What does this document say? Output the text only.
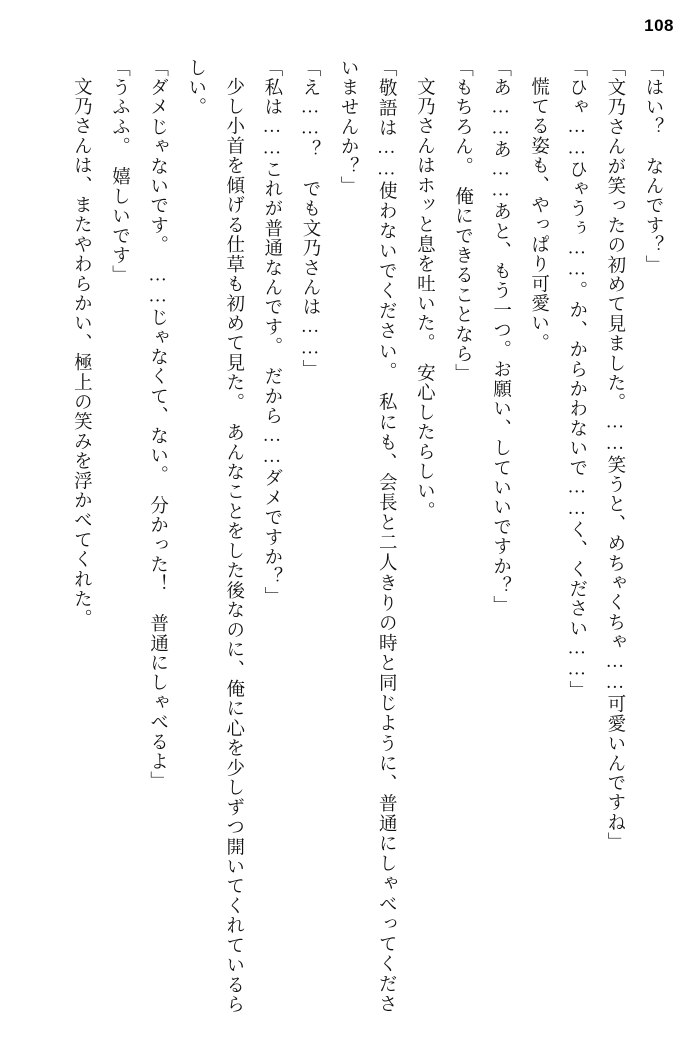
108

「はい？　なんです？」

「文乃さんが笑ったの初めて見ました。……笑うと、めちゃくちゃ……可愛いんですね」

「ひゃ……ひゃうぅ……。か、からかわないで……く、ください……」

慌てる姿も、やっぱり可愛い。

「あ……あ……あと、もう一つ。お願い、していいですか？」

「もちろん。　俺にできることなら」

文乃さんはホッと息を吐いた。　安心したらしい。

「敬語は……使わないでください。　私にも、会長と二人きりの時と同じように、普通にしゃべってくださいませんか？」

「え……？　でも文乃さんは……」

「私は……これが普通なんです。　だから……ダメですか？」

少し小首を傾げる仕草も初めて見た。　あんなことをした後なのに、俺に心を少しずつ開いてくれているらしい。

「ダメじゃないです。　……じゃなくて、ない。　分かった！　普通にしゃべるよ」

「うふふ。　嬉しいです」

文乃さんは、またやわらかい、極上の笑みを浮かべてくれた。
